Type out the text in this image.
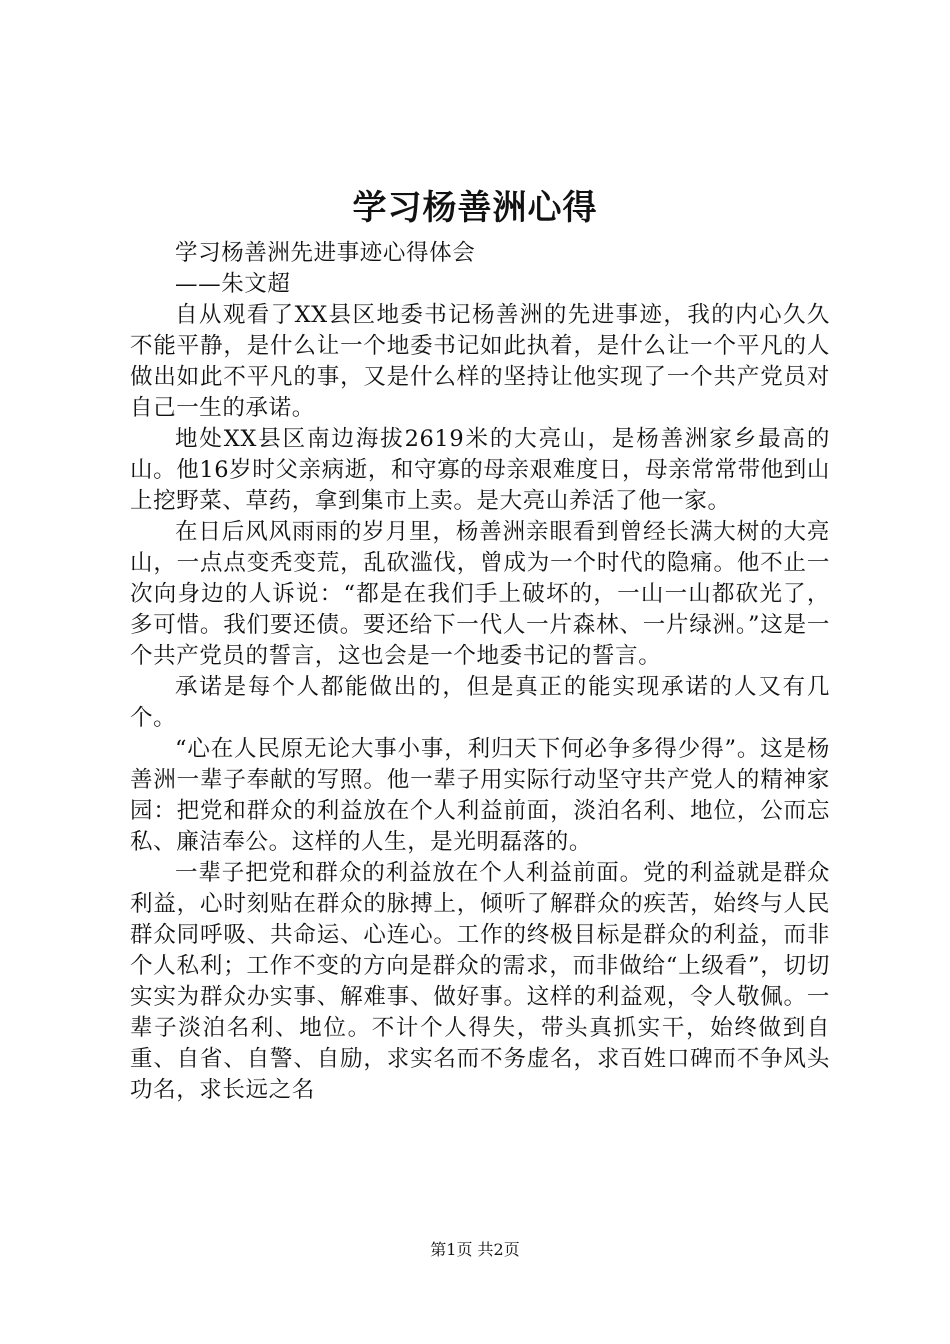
学习杨善洲心得

学习杨善洲先进事迹心得体会

——朱文超

自从观看了XX县区地委书记杨善洲的先进事迹，我的内心久久不能平静，是什么让一个地委书记如此执着，是什么让一个平凡的人做出如此不平凡的事，又是什么样的坚持让他实现了一个共产党员对自己一生的承诺。

地处XX县区南边海拔2619米的大亮山，是杨善洲家乡最高的山。他16岁时父亲病逝，和守寡的母亲艰难度日，母亲常常带他到山上挖野菜、草药，拿到集市上卖。是大亮山养活了他一家。

在日后风风雨雨的岁月里，杨善洲亲眼看到曾经长满大树的大亮山，一点点变秃变荒，乱砍滥伐，曾成为一个时代的隐痛。他不止一次向身边的人诉说：“都是在我们手上破坏的，一山一山都砍光了，多可惜。我们要还债。要还给下一代人一片森林、一片绿洲。”这是一个共产党员的誓言，这也会是一个地委书记的誓言。

承诺是每个人都能做出的，但是真正的能实现承诺的人又有几个。

“心在人民原无论大事小事，利归天下何必争多得少得”。这是杨善洲一辈子奉献的写照。他一辈子用实际行动坚守共产党人的精神家园：把党和群众的利益放在个人利益前面，淡泊名利、地位，公而忘私、廉洁奉公。这样的人生，是光明磊落的。

一辈子把党和群众的利益放在个人利益前面。党的利益就是群众利益，心时刻贴在群众的脉搏上，倾听了解群众的疾苦，始终与人民群众同呼吸、共命运、心连心。工作的终极目标是群众的利益，而非个人私利；工作不变的方向是群众的需求，而非做给“上级看”，切切实实为群众办实事、解难事、做好事。这样的利益观，令人敬佩。一辈子淡泊名利、地位。不计个人得失，带头真抓实干，始终做到自重、自省、自警、自励，求实名而不务虚名，求百姓口碑而不争风头功名，求长远之名

第1页 共2页
